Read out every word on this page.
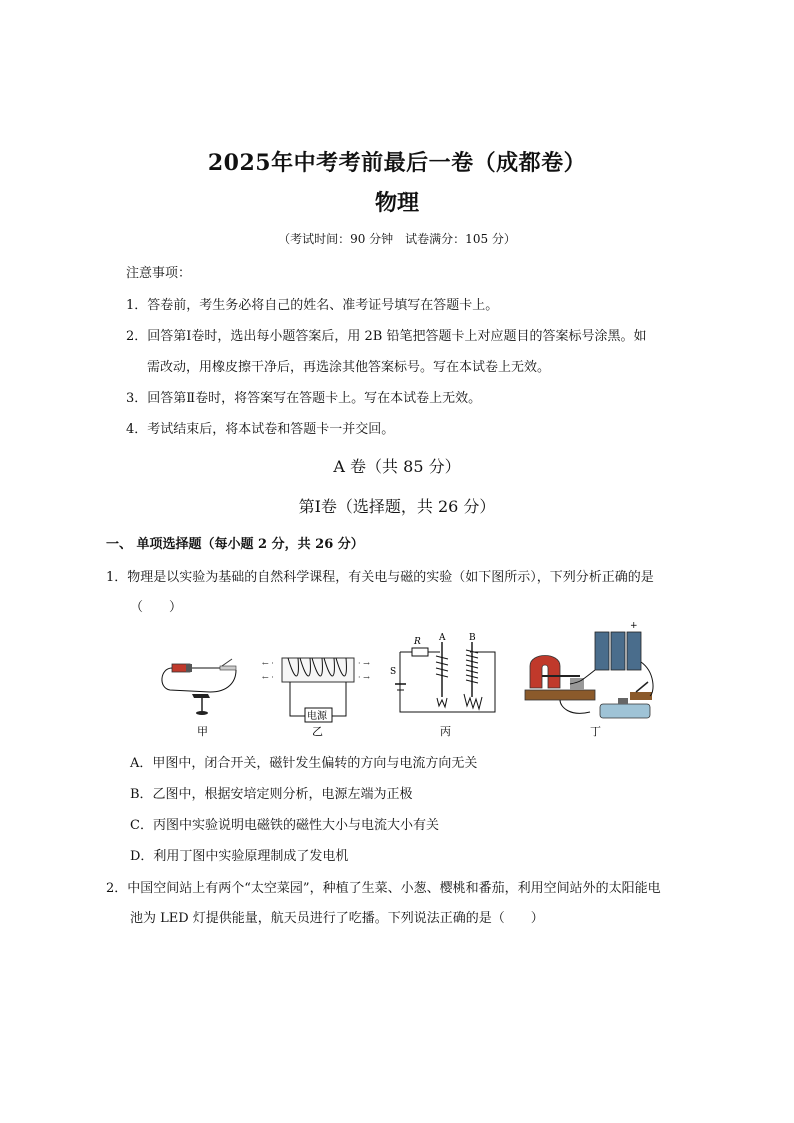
2025年中考考前最后一卷（成都卷）
物理
（考试时间：90 分钟　试卷满分：105 分）
注意事项：
1．答卷前，考生务必将自己的姓名、准考证号填写在答题卡上。
2．回答第Ⅰ卷时，选出每小题答案后，用 2B 铅笔把答题卡上对应题目的答案标号涂黑。如
需改动，用橡皮擦干净后，再选涂其他答案标号。写在本试卷上无效。
3．回答第Ⅱ卷时，将答案写在答题卡上。写在本试卷上无效。
4．考试结束后，将本试卷和答题卡一并交回。
A 卷（共 85 分）
第Ⅰ卷（选择题，共 26 分）
一、 单项选择题（每小题 2 分，共 26 分）
1．物理是以实验为基础的自然科学课程，有关电与磁的实验（如下图所示），下列分析正确的是
（　　）
甲
← ·
← ·
· →
· →
电源
乙
R
S
A	B
丙
+
丁
A．甲图中，闭合开关，磁针发生偏转的方向与电流方向无关
B．乙图中，根据安培定则分析，电源左端为正极
C．丙图中实验说明电磁铁的磁性大小与电流大小有关
D．利用丁图中实验原理制成了发电机
2．中国空间站上有两个“太空菜园”，种植了生菜、小葱、樱桃和番茄，利用空间站外的太阳能电
池为 LED 灯提供能量，航天员进行了吃播。下列说法正确的是（　　）
